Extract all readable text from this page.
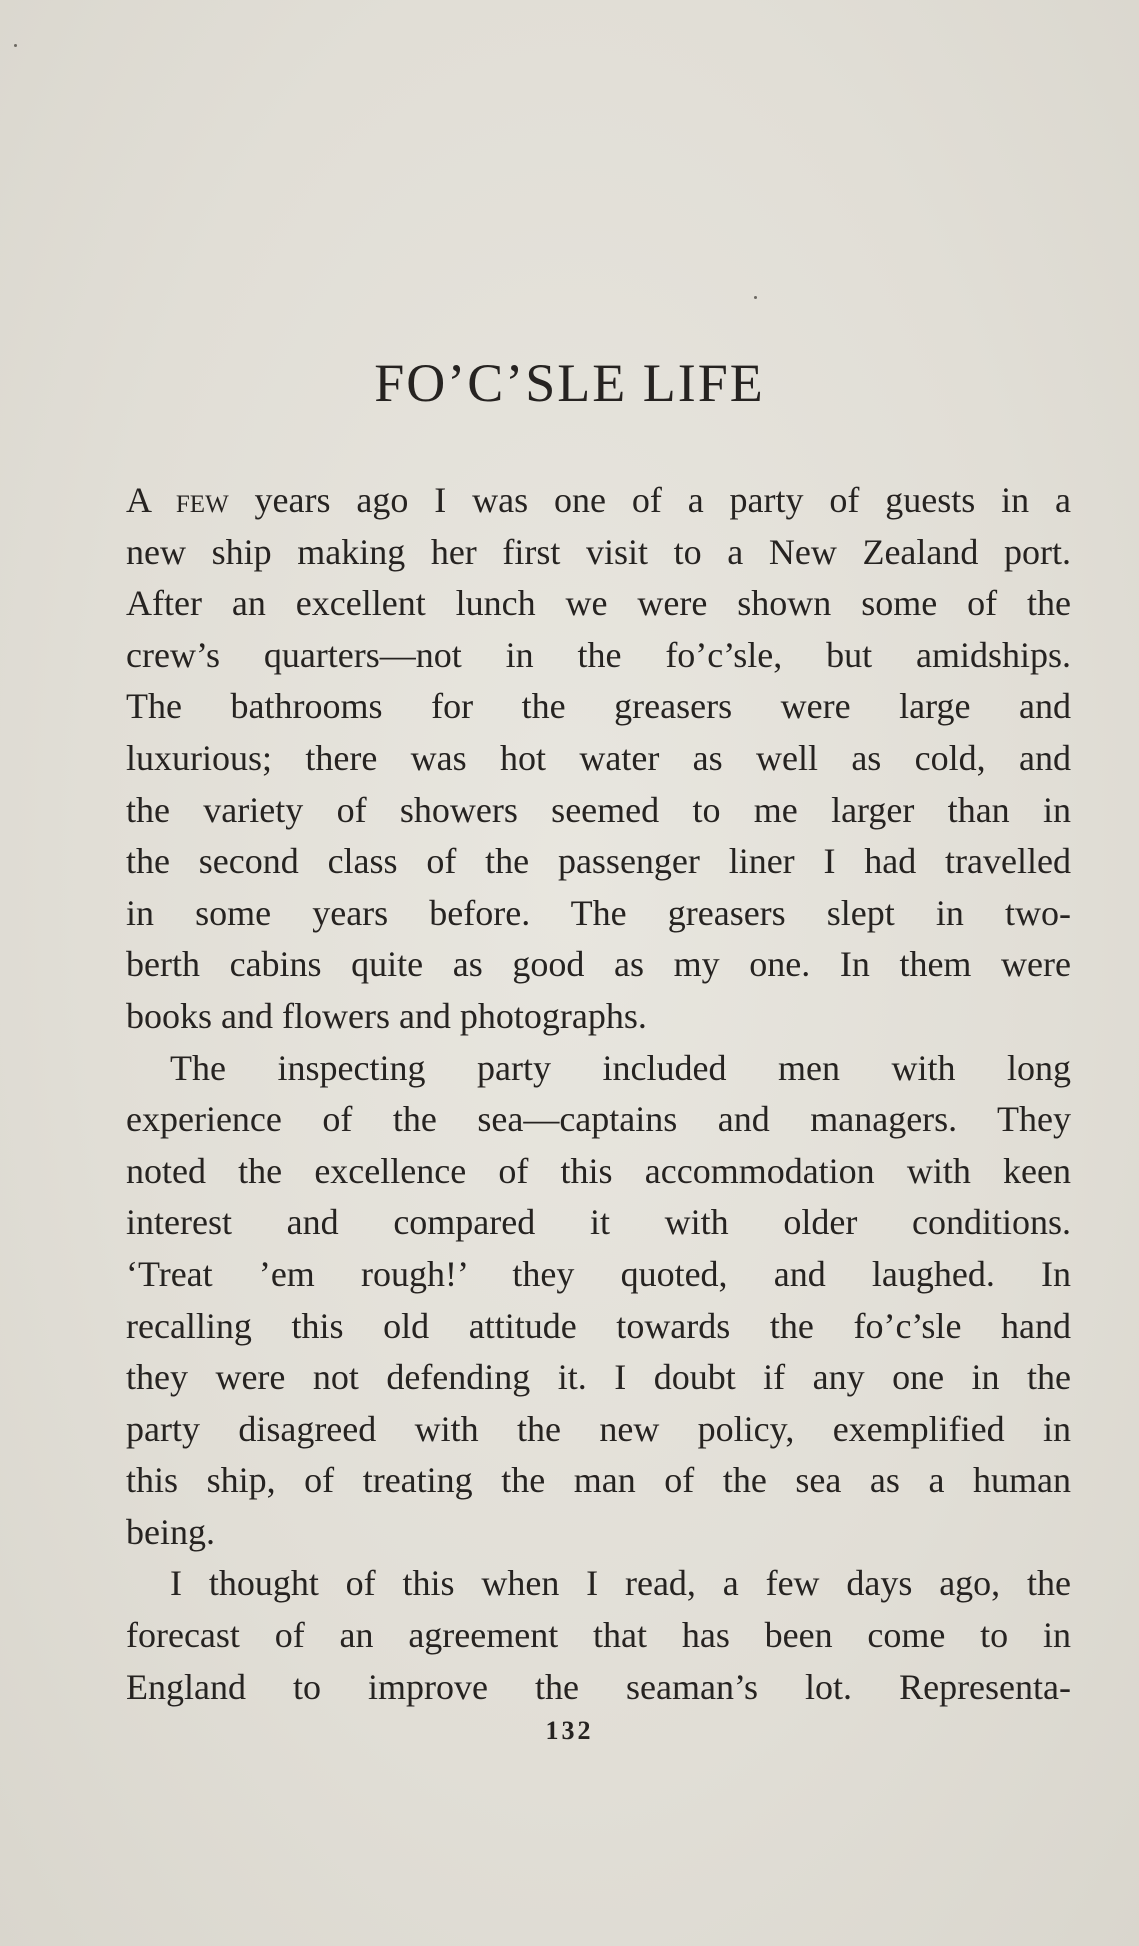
FO’C’SLE LIFE
A few years ago I was one of a party of guests in a
new ship making her first visit to a New Zealand port.
After an excellent lunch we were shown some of the
crew’s quarters—not in the fo’c’sle, but amidships.
The bathrooms for the greasers were large and
luxurious; there was hot water as well as cold, and
the variety of showers seemed to me larger than in
the second class of the passenger liner I had travelled
in some years before. The greasers slept in two-
berth cabins quite as good as my one. In them were
books and flowers and photographs.
The inspecting party included men with long
experience of the sea—captains and managers. They
noted the excellence of this accommodation with keen
interest and compared it with older conditions.
‘Treat ’em rough!’ they quoted, and laughed. In
recalling this old attitude towards the fo’c’sle hand
they were not defending it. I doubt if any one in the
party disagreed with the new policy, exemplified in
this ship, of treating the man of the sea as a human
being.
I thought of this when I read, a few days ago, the
forecast of an agreement that has been come to in
England to improve the seaman’s lot. Representa-
132
